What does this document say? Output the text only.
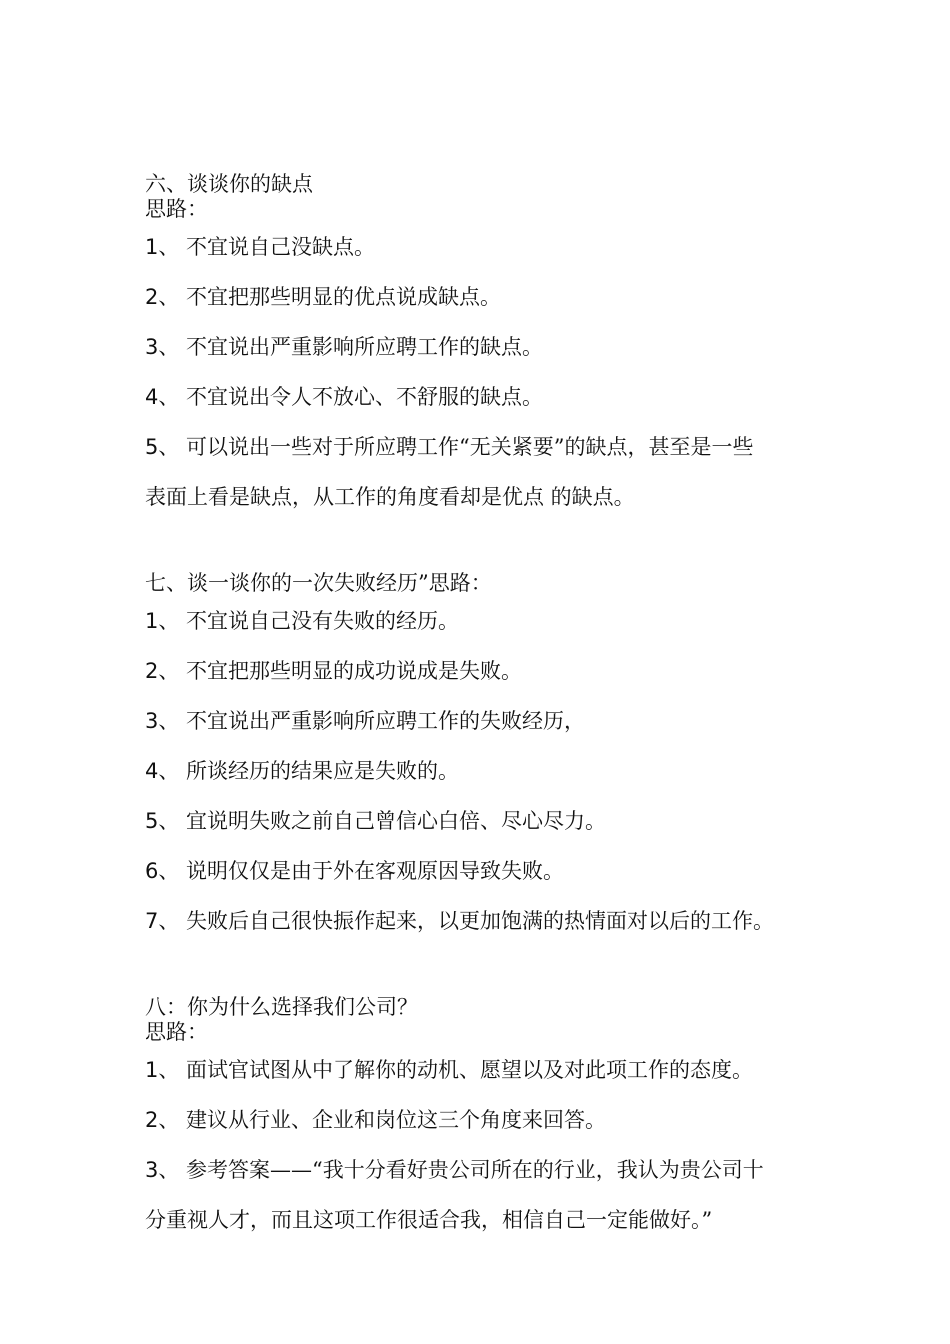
六、谈谈你的缺点
思路：
1、 不宜说自己没缺点。
2、 不宜把那些明显的优点说成缺点。
3、 不宜说出严重影响所应聘工作的缺点。
4、 不宜说出令人不放心、不舒服的缺点。
5、 可以说出一些对于所应聘工作“无关紧要”的缺点，甚至是一些
表面上看是缺点，从工作的角度看却是优点 的缺点。
七、谈一谈你的一次失败经历”思路：
1、 不宜说自己没有失败的经历。
2、 不宜把那些明显的成功说成是失败。
3、 不宜说出严重影响所应聘工作的失败经历，
4、 所谈经历的结果应是失败的。
5、 宜说明失败之前自己曾信心白倍、尽心尽力。
6、 说明仅仅是由于外在客观原因导致失败。
7、 失败后自己很快振作起来，以更加饱满的热情面对以后的工作。
八：你为什么选择我们公司？
思路：
1、 面试官试图从中了解你的动机、愿望以及对此项工作的态度。
2、 建议从行业、企业和岗位这三个角度来回答。
3、 参考答案——“我十分看好贵公司所在的行业，我认为贵公司十
分重视人才，而且这项工作很适合我，相信自己一定能做好。”
